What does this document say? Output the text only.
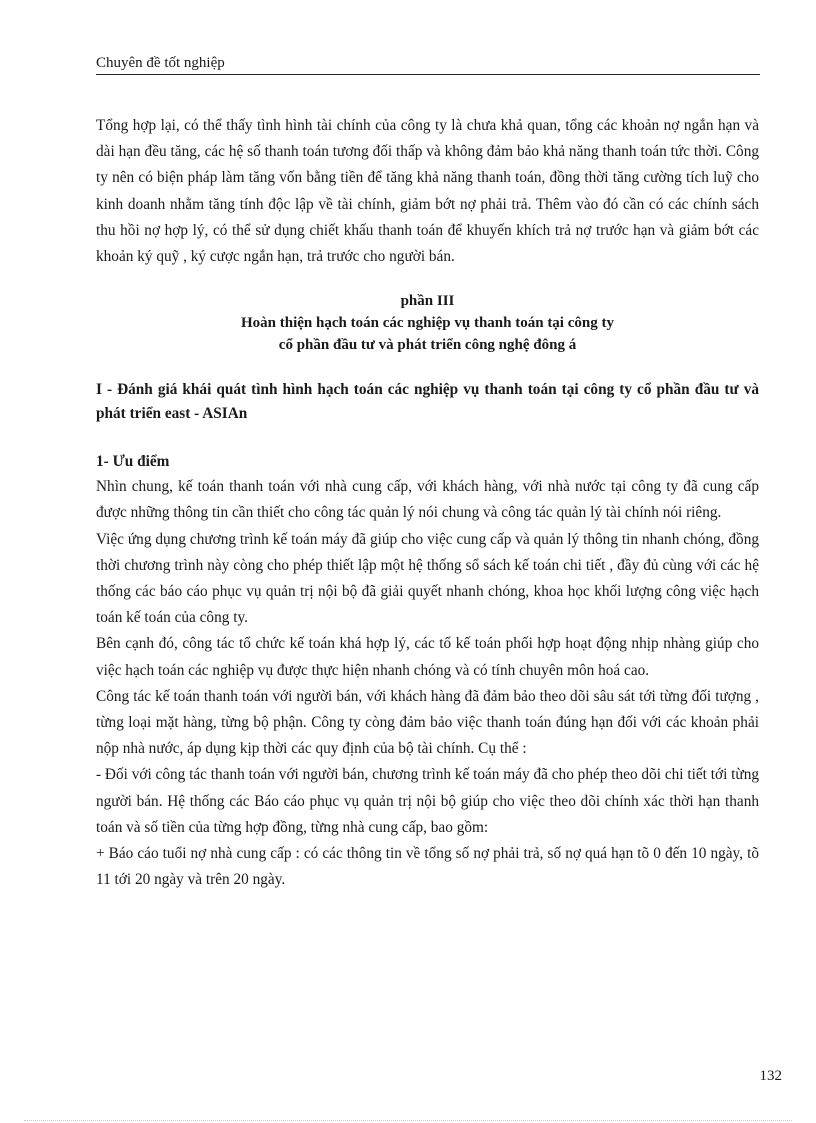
Chuyên đề tốt nghiệp

Tổng hợp lại, có thể thấy tình hình tài chính của công ty là chưa khả quan, tổng các khoản nợ ngắn hạn và dài hạn đều tăng, các hệ số thanh toán tương đối thấp và không đảm bảo khả năng thanh toán tức thời. Công ty nên có biện pháp làm tăng vốn bằng tiền để tăng khả năng thanh toán, đồng thời tăng cường tích luỹ cho kinh doanh nhằm tăng tính độc lập về tài chính, giảm bớt nợ phải trả. Thêm vào đó cần có các chính sách thu hồi nợ hợp lý, có thể sử dụng chiết khấu thanh toán để khuyến khích trả nợ trước hạn và giảm bớt các khoản ký quỹ , ký cược ngắn hạn, trả trước cho người bán.

phần III
Hoàn thiện hạch toán các nghiệp vụ thanh toán tại công ty
cổ phần đầu tư và phát triển công nghệ đông á
I - Đánh giá khái quát tình hình hạch toán các nghiệp vụ thanh toán tại công ty cổ phần đầu tư và phát triển east - ASIAn
1- Ưu điểm

Nhìn chung, kế toán thanh toán với nhà cung cấp, với khách hàng, với nhà nước tại công ty đã cung cấp được những thông tin cần thiết cho công tác quản lý nói chung và công tác quản lý tài chính nói riêng.

Việc ứng dụng chương trình kế toán máy đã giúp cho việc cung cấp và quản lý thông tin nhanh chóng, đồng thời chương trình này còng cho phép thiết lập một hệ thống sổ sách kế toán chi tiết , đầy đủ cùng với các hệ thống các báo cáo phục vụ quản trị nội bộ đã giải quyết nhanh chóng, khoa học khối lượng công việc hạch toán kế toán của công ty.

Bên cạnh đó, công tác tổ chức kế toán khá hợp lý, các tổ kế toán phối hợp hoạt động nhịp nhàng giúp cho việc hạch toán các nghiệp vụ được thực hiện nhanh chóng và có tính chuyên môn hoá cao.

Công tác kế toán thanh toán với người bán, với khách hàng đã đảm bảo theo dõi sâu sát tới từng đối tượng , từng loại mặt hàng, từng bộ phận. Công ty còng đảm bảo việc thanh toán đúng hạn đối với các khoản phải nộp nhà nước, áp dụng kịp thời các quy định của bộ tài chính. Cụ thể :

- Đối với công tác thanh toán với người bán, chương trình kế toán máy đã cho phép theo dõi chi tiết tới từng người bán. Hệ thống các Báo cáo phục vụ quản trị nội bộ giúp cho việc theo dõi chính xác thời hạn thanh toán và số tiền của từng hợp đồng, từng nhà cung cấp, bao gồm:

+ Báo cáo tuổi nợ nhà cung cấp : có các thông tin về tổng số nợ phải trả, số nợ quá hạn tõ 0 đến 10 ngày, tõ 11 tới 20 ngày và trên 20 ngày.

132
